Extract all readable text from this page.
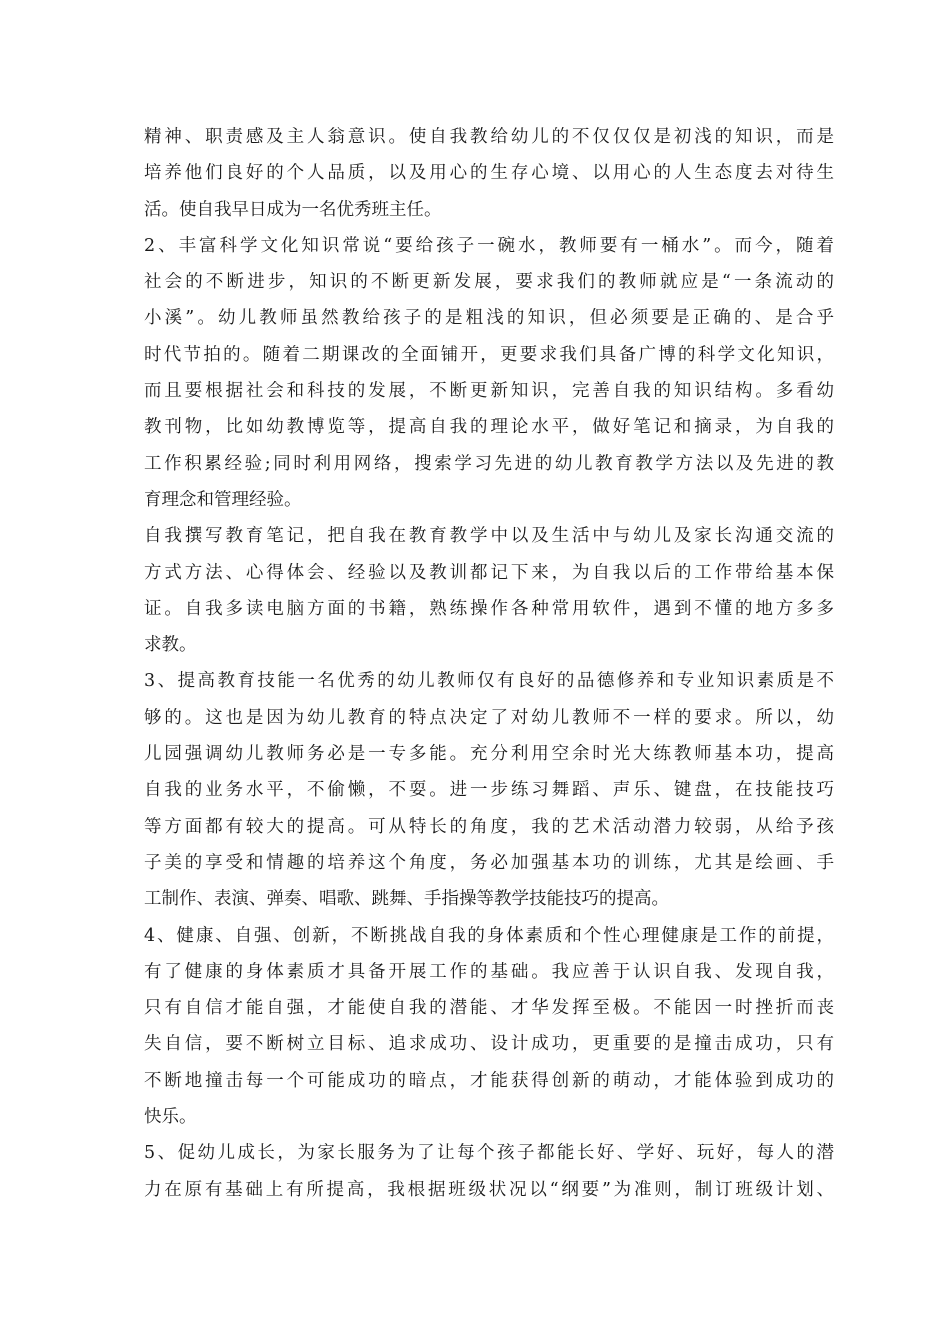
精神、职责感及主人翁意识。使自我教给幼儿的不仅仅仅是初浅的知识，而是
培养他们良好的个人品质，以及用心的生存心境、以用心的人生态度去对待生
活。使自我早日成为一名优秀班主任。
2、丰富科学文化知识常说“要给孩子一碗水，教师要有一桶水”。而今，随着
社会的不断进步，知识的不断更新发展，要求我们的教师就应是“一条流动的
小溪”。幼儿教师虽然教给孩子的是粗浅的知识，但必须要是正确的、是合乎
时代节拍的。随着二期课改的全面铺开，更要求我们具备广博的科学文化知识，
而且要根据社会和科技的发展，不断更新知识，完善自我的知识结构。多看幼
教刊物，比如幼教博览等，提高自我的理论水平，做好笔记和摘录，为自我的
工作积累经验;同时利用网络，搜索学习先进的幼儿教育教学方法以及先进的教
育理念和管理经验。
自我撰写教育笔记，把自我在教育教学中以及生活中与幼儿及家长沟通交流的
方式方法、心得体会、经验以及教训都记下来，为自我以后的工作带给基本保
证。自我多读电脑方面的书籍，熟练操作各种常用软件，遇到不懂的地方多多
求教。
3、提高教育技能一名优秀的幼儿教师仅有良好的品德修养和专业知识素质是不
够的。这也是因为幼儿教育的特点决定了对幼儿教师不一样的要求。所以，幼
儿园强调幼儿教师务必是一专多能。充分利用空余时光大练教师基本功，提高
自我的业务水平，不偷懒，不耍。进一步练习舞蹈、声乐、键盘，在技能技巧
等方面都有较大的提高。可从特长的角度，我的艺术活动潜力较弱，从给予孩
子美的享受和情趣的培养这个角度，务必加强基本功的训练，尤其是绘画、手
工制作、表演、弹奏、唱歌、跳舞、手指操等教学技能技巧的提高。
4、健康、自强、创新，不断挑战自我的身体素质和个性心理健康是工作的前提，
有了健康的身体素质才具备开展工作的基础。我应善于认识自我、发现自我，
只有自信才能自强，才能使自我的潜能、才华发挥至极。不能因一时挫折而丧
失自信，要不断树立目标、追求成功、设计成功，更重要的是撞击成功，只有
不断地撞击每一个可能成功的暗点，才能获得创新的萌动，才能体验到成功的
快乐。
5、促幼儿成长，为家长服务为了让每个孩子都能长好、学好、玩好，每人的潜
力在原有基础上有所提高，我根据班级状况以“纲要”为准则，制订班级计划、
